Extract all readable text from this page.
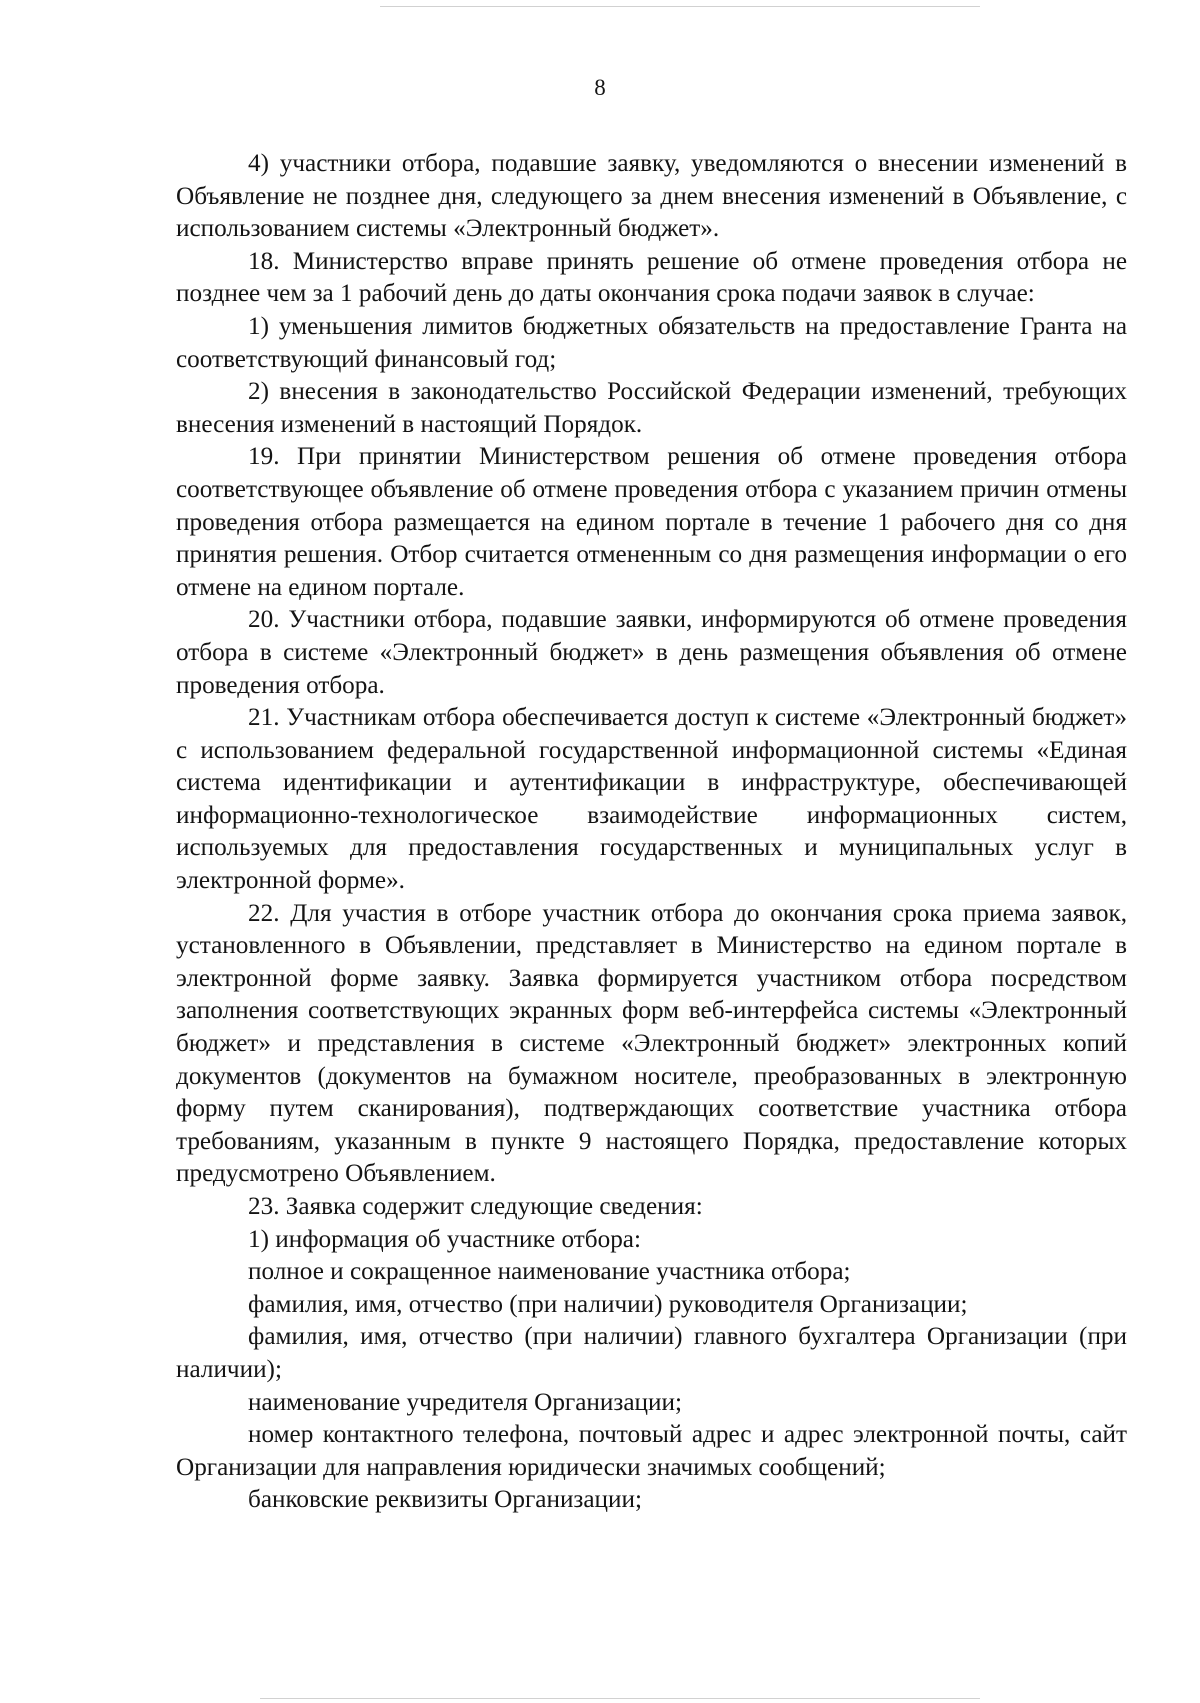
8

4) участники отбора, подавшие заявку, уведомляются о внесении изменений в Объявление не позднее дня, следующего за днем внесения изменений в Объявление, с использованием системы «Электронный бюджет».

18. Министерство вправе принять решение об отмене проведения отбора не позднее чем за 1 рабочий день до даты окончания срока подачи заявок в случае:

1) уменьшения лимитов бюджетных обязательств на предоставление Гранта на соответствующий финансовый год;

2) внесения в законодательство Российской Федерации изменений, требующих внесения изменений в настоящий Порядок.

19. При принятии Министерством решения об отмене проведения отбора соответствующее объявление об отмене проведения отбора с указанием причин отмены проведения отбора размещается на едином портале в течение 1 рабочего дня со дня принятия решения. Отбор считается отмененным со дня размещения информации о его отмене на едином портале.

20. Участники отбора, подавшие заявки, информируются об отмене проведения отбора в системе «Электронный бюджет» в день размещения объявления об отмене проведения отбора.

21. Участникам отбора обеспечивается доступ к системе «Электронный бюджет» с использованием федеральной государственной информационной системы «Единая система идентификации и аутентификации в инфраструктуре, обеспечивающей информационно-технологическое взаимодействие информационных систем, используемых для предоставления государственных и муниципальных услуг в электронной форме».

22. Для участия в отборе участник отбора до окончания срока приема заявок, установленного в Объявлении, представляет в Министерство на едином портале в электронной форме заявку. Заявка формируется участником отбора посредством заполнения соответствующих экранных форм веб-интерфейса системы «Электронный бюджет» и представления в системе «Электронный бюджет» электронных копий документов (документов на бумажном носителе, преобразованных в электронную форму путем сканирования), подтверждающих соответствие участника отбора требованиям, указанным в пункте 9 настоящего Порядка, предоставление которых предусмотрено Объявлением.

23. Заявка содержит следующие сведения:

1) информация об участнике отбора:

полное и сокращенное наименование участника отбора;

фамилия, имя, отчество (при наличии) руководителя Организации;

фамилия, имя, отчество (при наличии) главного бухгалтера Организации (при наличии);

наименование учредителя Организации;

номер контактного телефона, почтовый адрес и адрес электронной почты, сайт Организации для направления юридически значимых сообщений;

банковские реквизиты Организации;
